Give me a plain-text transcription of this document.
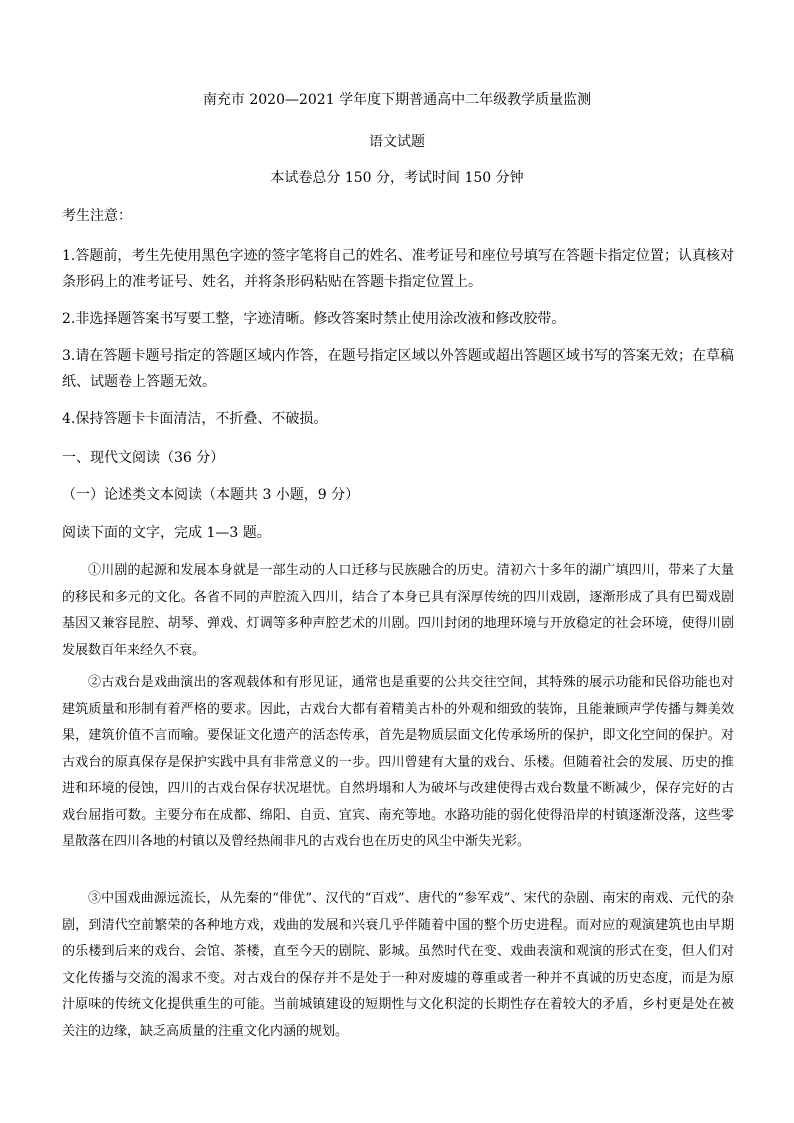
南充市 2020—2021 学年度下期普通高中二年级教学质量监测
语文试题
本试卷总分 150 分，考试时间 150 分钟
考生注意：
1.答题前，考生先使用黑色字迹的签字笔将自己的姓名、准考证号和座位号填写在答题卡指定位置；认真核对条形码上的准考证号、姓名，并将条形码粘贴在答题卡指定位置上。
2.非选择题答案书写要工整，字迹清晰。修改答案时禁止使用涂改液和修改胶带。
3.请在答题卡题号指定的答题区域内作答，在题号指定区域以外答题或超出答题区域书写的答案无效；在草稿纸、试题卷上答题无效。
4.保持答题卡卡面清洁，不折叠、不破损。
一、现代文阅读（36 分）
（一）论述类文本阅读（本题共 3 小题，9 分）
阅读下面的文字，完成 1—3 题。
①川剧的起源和发展本身就是一部生动的人口迁移与民族融合的历史。清初六十多年的湖广填四川，带来了大量的移民和多元的文化。各省不同的声腔流入四川，结合了本身已具有深厚传统的四川戏剧，逐渐形成了具有巴蜀戏剧基因又兼容昆腔、胡琴、弹戏、灯调等多种声腔艺术的川剧。四川封闭的地理环境与开放稳定的社会环境，使得川剧发展数百年来经久不衰。
②古戏台是戏曲演出的客观载体和有形见证，通常也是重要的公共交往空间，其特殊的展示功能和民俗功能也对建筑质量和形制有着严格的要求。因此，古戏台大都有着精美古朴的外观和细致的装饰，且能兼顾声学传播与舞美效果，建筑价值不言而喻。要保证文化遗产的活态传承，首先是物质层面文化传承场所的保护，即文化空间的保护。对古戏台的原真保存是保护实践中具有非常意义的一步。四川曾建有大量的戏台、乐楼。但随着社会的发展、历史的推进和环境的侵蚀，四川的古戏台保存状况堪忧。自然坍塌和人为破坏与改建使得古戏台数量不断减少，保存完好的古戏台屈指可数。主要分布在成都、绵阳、自贡、宜宾、南充等地。水路功能的弱化使得沿岸的村镇逐渐没落，这些零星散落在四川各地的村镇以及曾经热闹非凡的古戏台也在历史的风尘中渐失光彩。
③中国戏曲源远流长，从先秦的“俳优”、汉代的“百戏”、唐代的“参军戏”、宋代的杂剧、南宋的南戏、元代的杂剧，到清代空前繁荣的各种地方戏，戏曲的发展和兴衰几乎伴随着中国的整个历史进程。而对应的观演建筑也由早期的乐楼到后来的戏台、会馆、茶楼，直至今天的剧院、影城。虽然时代在变、戏曲表演和观演的形式在变，但人们对文化传播与交流的渴求不变。对古戏台的保存并不是处于一种对废墟的尊重或者一种并不真诚的历史态度，而是为原汁原味的传统文化提供重生的可能。当前城镇建设的短期性与文化积淀的长期性存在着较大的矛盾，乡村更是处在被关注的边缘，缺乏高质量的注重文化内涵的规划。
